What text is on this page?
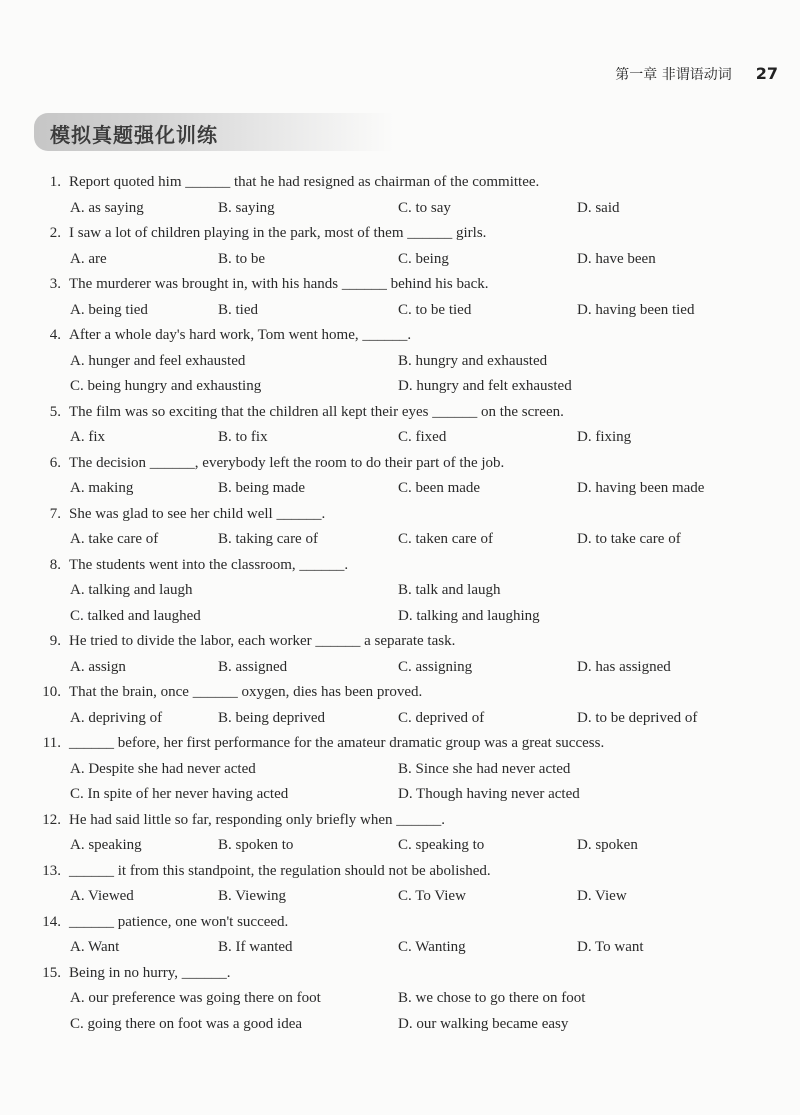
第一章 非谓语动词 27
模拟真题强化训练
1. Report quoted him ______ that he had resigned as chairman of the committee.
A. as saying	B. saying	C. to say	D. said
2. I saw a lot of children playing in the park, most of them ______ girls.
A. are	B. to be	C. being	D. have been
3. The murderer was brought in, with his hands ______ behind his back.
A. being tied	B. tied	C. to be tied	D. having been tied
4. After a whole day's hard work, Tom went home, ______.
A. hunger and feel exhausted	B. hungry and exhausted
C. being hungry and exhausting	D. hungry and felt exhausted
5. The film was so exciting that the children all kept their eyes ______ on the screen.
A. fix	B. to fix	C. fixed	D. fixing
6. The decision ______, everybody left the room to do their part of the job.
A. making	B. being made	C. been made	D. having been made
7. She was glad to see her child well ______.
A. take care of	B. taking care of	C. taken care of	D. to take care of
8. The students went into the classroom, ______.
A. talking and laugh	B. talk and laugh
C. talked and laughed	D. talking and laughing
9. He tried to divide the labor, each worker ______ a separate task.
A. assign	B. assigned	C. assigning	D. has assigned
10. That the brain, once ______ oxygen, dies has been proved.
A. depriving of	B. being deprived	C. deprived of	D. to be deprived of
11. ______ before, her first performance for the amateur dramatic group was a great success.
A. Despite she had never acted	B. Since she had never acted
C. In spite of her never having acted	D. Though having never acted
12. He had said little so far, responding only briefly when ______.
A. speaking	B. spoken to	C. speaking to	D. spoken
13. ______ it from this standpoint, the regulation should not be abolished.
A. Viewed	B. Viewing	C. To View	D. View
14. ______ patience, one won't succeed.
A. Want	B. If wanted	C. Wanting	D. To want
15. Being in no hurry, ______.
A. our preference was going there on foot	B. we chose to go there on foot
C. going there on foot was a good idea	D. our walking became easy
